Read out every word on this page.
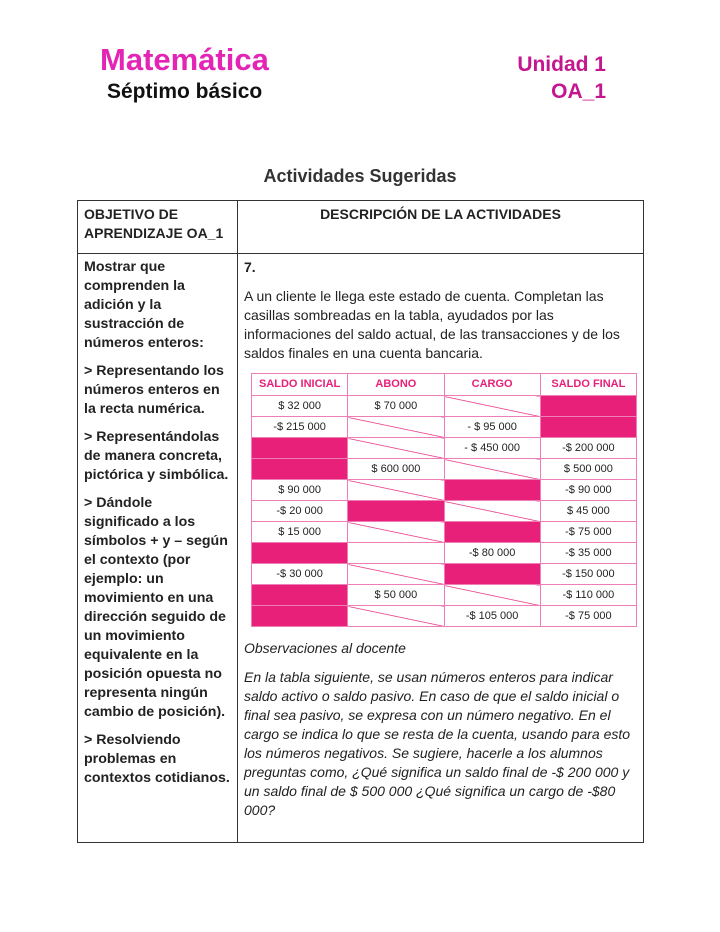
Matemática
Séptimo básico
Unidad 1
OA_1
Actividades Sugeridas
OBJETIVO DE APRENDIZAJE OA_1	DESCRIPCIÓN DE LA ACTIVIDADES

Mostrar que comprenden la adición y la sustracción de números enteros:

> Representando los números enteros en la recta numérica.

> Representándolas de manera concreta, pictórica y simbólica.

> Dándole significado a los símbolos + y – según el contexto (por ejemplo: un movimiento en una dirección seguido de un movimiento equivalente en la posición opuesta no representa ningún cambio de posición).

> Resolviendo problemas en contextos cotidianos.

7.

A un cliente le llega este estado de cuenta. Completan las casillas sombreadas en la tabla, ayudados por las informaciones del saldo actual, de las transacciones y de los saldos finales en una cuenta bancaria.

SALDO INICIAL	ABONO	CARGO	SALDO FINAL
$ 32 000	$ 70 000		
-$ 215 000		- $ 95 000	
		- $ 450 000	-$ 200 000
	$ 600 000		$ 500 000
$ 90 000			-$ 90 000
-$ 20 000			$ 45 000
$ 15 000			-$ 75 000
		-$ 80 000	-$ 35 000
-$ 30 000			-$ 150 000
	$ 50 000		-$ 110 000
		-$ 105 000	-$ 75 000

Observaciones al docente

En la tabla siguiente, se usan números enteros para indicar saldo activo o saldo pasivo. En caso de que el saldo inicial o final sea pasivo, se expresa con un número negativo. En el cargo se indica lo que se resta de la cuenta, usando para esto los números negativos. Se sugiere, hacerle a los alumnos preguntas como, ¿Qué significa un saldo final de -$ 200 000 y un saldo final de $ 500 000 ¿Qué significa un cargo de -$80 000?
